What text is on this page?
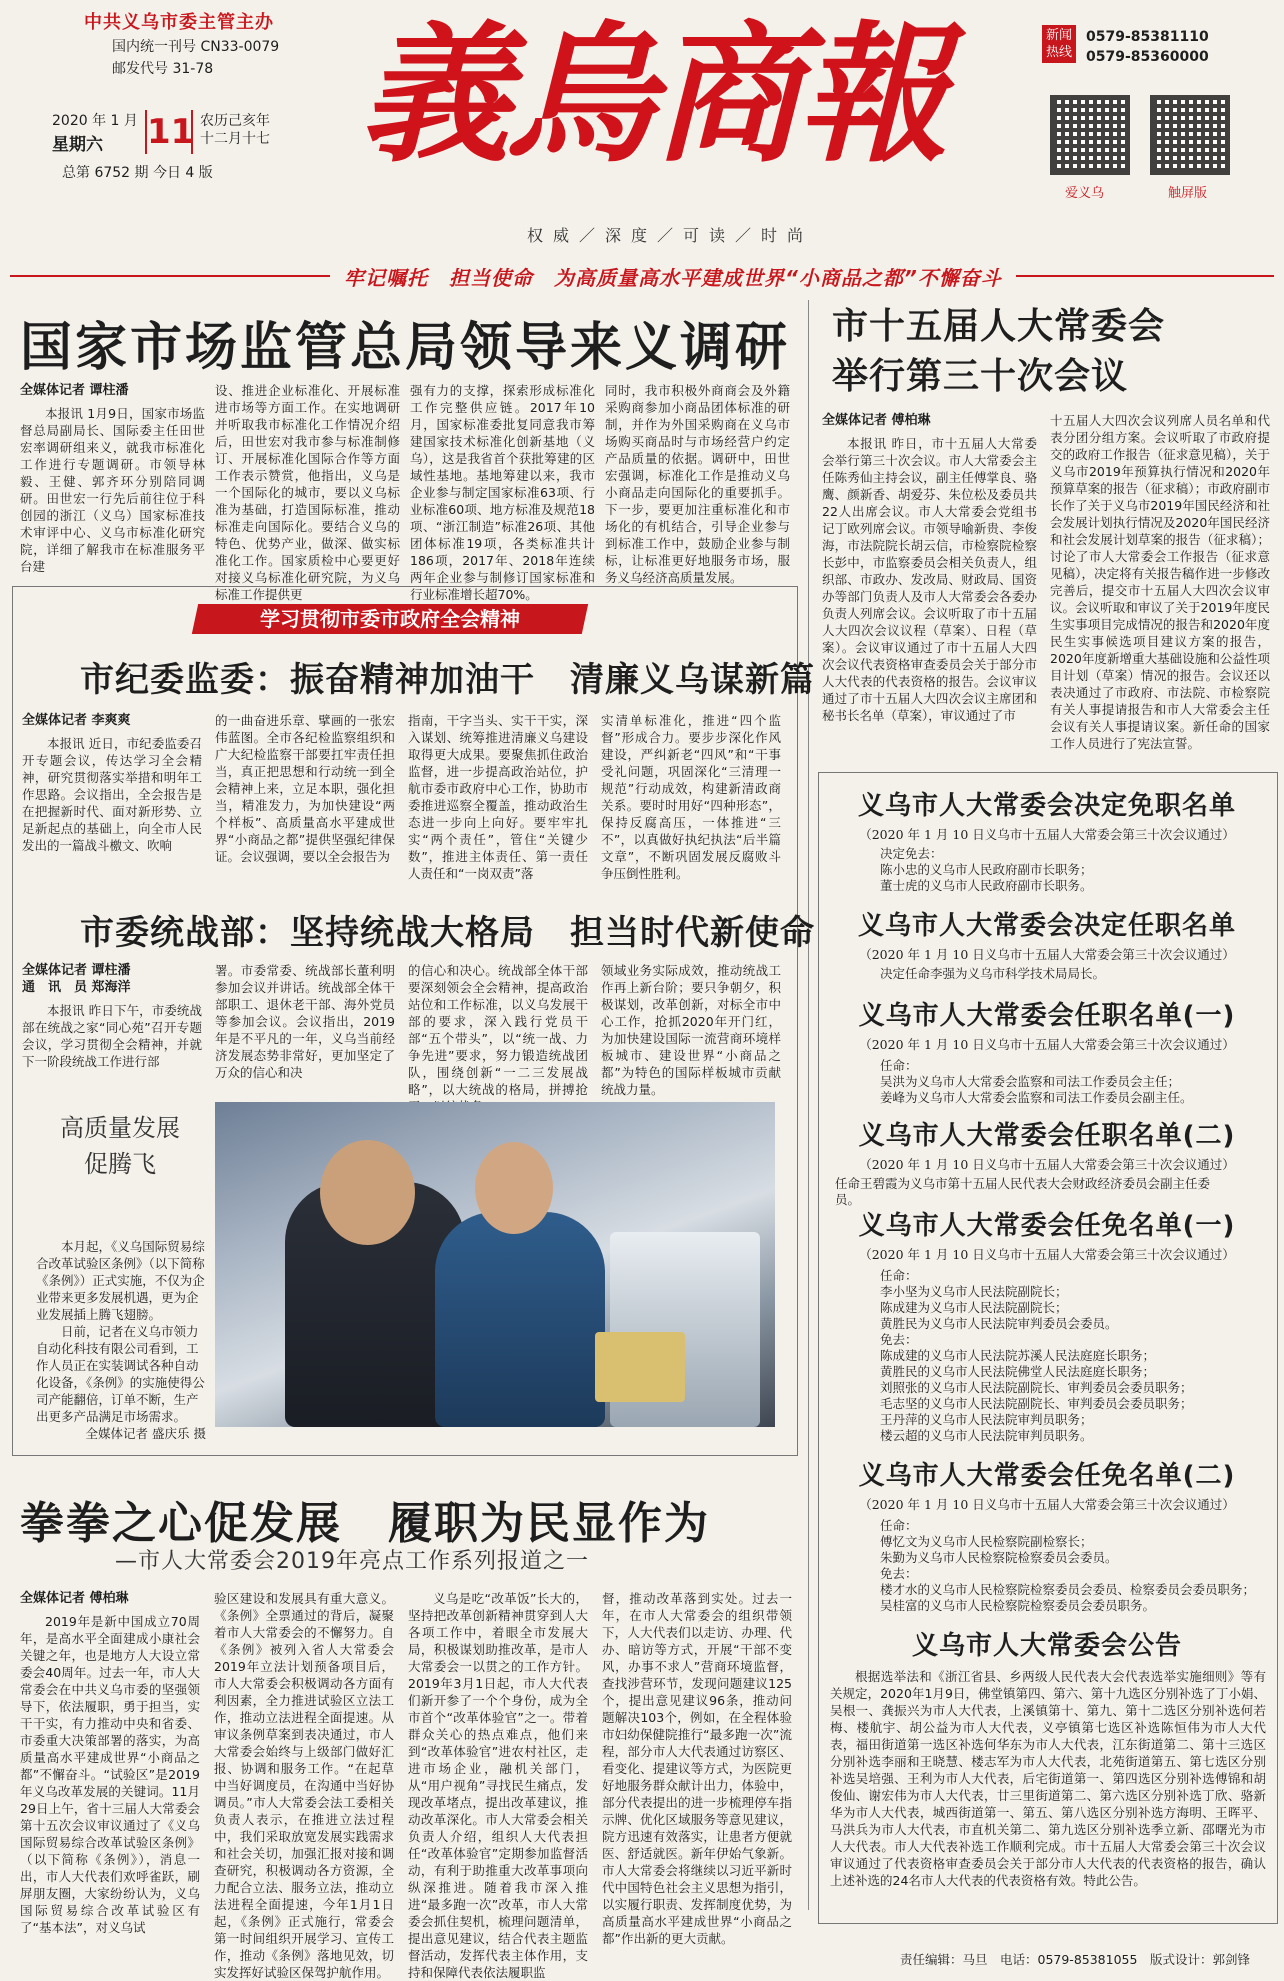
中共义乌市委主管主办
国内统一刊号 CN33-0079
邮发代号 31-78
2020 年 1 月
星期六 11 农历己亥年
十二月十七
总第 6752 期 今日 4 版 義烏商報
权威／深度／可读／时尚
新闻热线
0579-85381110
0579-85360000
爱义乌	触屏版
牢记嘱托　担当使命　为高质量高水平建成世界“小商品之都”不懈奋斗
国家市场监管总局领导来义调研
全媒体记者 谭柱潘

本报讯 1月9日，国家市场监督总局副局长、国际委主任田世宏率调研组来义，就我市标准化工作进行专题调研。市领导林毅、王健、郭齐环分别陪同调研。田世宏一行先后前往位于科创园的浙江（义乌）国家标准技术审评中心、义乌市标准化研究院，详细了解我市在标准服务平台建

设、推进企业标准化、开展标准进市场等方面工作。在实地调研并听取我市标准化工作情况介绍后，田世宏对我市参与标准制修订、开展标准化国际合作等方面工作表示赞赏，他指出，义乌是一个国际化的城市，要以义乌标准为基础，打造国际标准，推动标准走向国际化。要结合义乌的特色、优势产业，做深、做实标准化工作。国家质检中心要更好对接义乌标准化研究院，为义乌标准工作提供更

强有力的支撑，探索形成标准化工作完整供应链。2017年10月，国家标准委批复同意我市筹建国家技术标准化创新基地（义乌），这是我省首个获批筹建的区域性基地。基地筹建以来，我市企业参与制定国家标准63项、行业标准60项、地方标准及规范18项、“浙江制造”标准26项、其他团体标准19项，各类标准共计186项，2017年、2018年连续两年企业参与制修订国家标准和行业标准增长超70%。

同时，我市积极外商商会及外籍采购商参加小商品团体标准的研制，并作为外国采购商在义乌市场购买商品时与市场经营户约定产品质量的依据。调研中，田世宏强调，标准化工作是推动义乌小商品走向国际化的重要抓手。下一步，要更加注重标准化和市场化的有机结合，引导企业参与到标准工作中，鼓励企业参与制标，让标准更好地服务市场，服务义乌经济高质量发展。

学习贯彻市委市政府全会精神
市纪委监委：振奋精神加油干　清廉义乌谋新篇
全媒体记者 李爽爽

本报讯 近日，市纪委监委召开专题会议，传达学习全会精神，研究贯彻落实举措和明年工作思路。会议指出，全会报告是在把握新时代、面对新形势、立足新起点的基础上，向全市人民发出的一篇战斗檄文、吹响

的一曲奋进乐章、擘画的一张宏伟蓝图。全市各纪检监察组织和广大纪检监察干部要扛牢责任担当，真正把思想和行动统一到全会精神上来，立足本职，强化担当，精准发力，为加快建设“两个样板”、高质量高水平建成世界“小商品之都”提供坚强纪律保证。会议强调，要以全会报告为

指南，干字当头、实干干实，深入谋划、统筹推进清廉义乌建设取得更大成果。要聚焦抓住政治监督，进一步提高政治站位，护航市委市政府中心工作，协助市委推进巡察全覆盖，推动政治生态进一步向上向好。要牢牢扎实“两个责任”，管住“关键少数”，推进主体责任、第一责任人责任和“一岗双责”落

实清单标准化，推进“四个监督”形成合力。要步步深化作风建设，严纠新老“四风”和“干事受礼问题，巩固深化“三清理一规范”行动成效，构建新清政商关系。要时时用好“四种形态”，保持反腐高压，一体推进“三不”，以真做好执纪执法“后半篇文章”，不断巩固发展反腐败斗争压倒性胜利。

市委统战部：坚持统战大格局　担当时代新使命
全媒体记者 谭柱潘
通　讯　员 郑海洋

本报讯 昨日下午，市委统战部在统战之家“同心苑”召开专题会议，学习贯彻全会精神，并就下一阶段统战工作进行部

署。市委常委、统战部长董利明参加会议并讲话。统战部全体干部职工、退休老干部、海外党员等参加会议。会议指出，2019年是不平凡的一年，义乌当前经济发展态势非常好，更加坚定了万众的信心和决

的信心和决心。统战部全体干部要深刻领会全会精神，提高政治站位和工作标准，以义乌发展干部的要求，深入践行党员干部“五个带头”，以“统一战、力争先进”要求，努力锻造统战团队，围绕创新“一二三发展战略”，以大统战的格局，拼搏抢

领域业务实际成效，推动统战工作再上新台阶；要只争朝夕，积极谋划，改革创新，对标全市中心工作，抢抓2020年开门红，为加快建设国际一流营商环境样板城市、建设世界“小商品之都”为特色的国际样板城市贡献统战力量。

高质量发展促腾飞

本月起，《义乌国际贸易综合改革试验区条例》（以下简称《条例》）正式实施，不仅为企业带来更多发展机遇，更为企业发展插上腾飞翅膀。

日前，记者在义乌市领力自动化科技有限公司看到，工作人员正在实装调试各种自动化设备，《条例》的实施使得公司产能翻倍，订单不断，生产出更多产品满足市场需求。

全媒体记者 盛庆乐 摄

拳拳之心促发展　履职为民显作为
—市人大常委会2019年亮点工作系列报道之一
全媒体记者 傅柏琳

2019年是新中国成立70周年，是高水平全面建成小康社会关键之年，也是地方人大设立常委会40周年。过去一年，市人大常委会在中共义乌市委的坚强领导下，依法履职，勇于担当，实干干实，有力推动中央和省委、市委重大决策部署的落实，为高质量高水平建成世界“小商品之都”不懈奋斗。“试验区”是2019年义乌改革发展的关键词。11月29日上午，省十三届人大常委会第十五次会议审议通过了《义乌国际贸易综合改革试验区条例》（以下简称《条例》），消息一出，市人大代表们欢呼雀跃，刷屏朋友圈，大家纷纷认为，义乌国际贸易综合改革试验区有了“基本法”，对义乌试

验区建设和发展具有重大意义。《条例》全票通过的背后，凝聚着市人大常委会的不懈努力。自《条例》被列入省人大常委会2019年立法计划预备项目后，市人大常委会积极调动各方面有利因素，全力推进试验区立法工作，推动立法进程全面提速。从审议条例草案到表决通过，市人大常委会始终与上级部门做好汇报、协调和服务工作。“在起草中当好调度员，在沟通中当好协调员。”市人大常委会法工委相关负责人表示，在推进立法过程中，我们采取放宽发展实践需求和社会关切，加强汇报对接和调查研究，积极调动各方资源，全力配合立法、服务立法，推动立法进程全面提速，今年1月1日起，《条例》正式施行，常委会第一时间组织开展学习、宣传工作，推动《条例》落地见效，切实发挥好试验区保驾护航作用。

义乌是吃“改革饭”长大的，坚持把改革创新精神贯穿到人大各项工作中，着眼全市发展大局，积极谋划助推改革，是市人大常委会一以贯之的工作方针。2019年3月1日起，市人大代表们新开参了一个个身份，成为全市首个“改革体验官”之一。带着群众关心的热点难点，他们来到“改革体验官”进农村社区，走进市场企业，融机关部门，从“用户视角”寻找民生痛点，发现改革堵点，提出改革建议，推动改革深化。市人大常委会相关负责人介绍，组织人大代表担任“改革体验官”定期参加监督活动，有利于助推重大改革事项向纵深推进。随着我市深入推进“最多跑一次”改革，市人大常委会抓住契机，梳理问题清单，提出意见建议，结合代表主题监督活动，发挥代表主体作用，支持和保障代表依法履职监

督，推动改革落到实处。过去一年，在市人大常委会的组织带领下，人大代表们以走访、办理、代办、暗访等方式，开展“干部不变风，办事不求人”营商环境监督，查找涉营环节，发现问题建议125个，提出意见建议96条，推动问题解决103个，例如，在全程体验市妇幼保健院推行“最多跑一次”流程，部分市人大代表通过访察区、看变化、提建议等方式，为医院更好地服务群众献计出力，体验中，部分代表提出的进一步梳理停车指示牌、优化区域服务等意见建议，院方迅速有效落实，让患者方便就医、舒适就医。新年伊始气象新。市人大常委会将继续以习近平新时代中国特色社会主义思想为指引，以实履行职责、发挥制度优势，为高质量高水平建成世界“小商品之都”作出新的更大贡献。

市十五届人大常委会
举行第三十次会议
全媒体记者 傅柏琳

本报讯 昨日，市十五届人大常委会举行第三十次会议。市人大常委会主任陈秀仙主持会议，副主任傅掌良、骆鹰、颜新香、胡爱芬、朱位松及委员共22人出席会议。市人大常委会党组书记丁欧列席会议。市领导喻新贵、李俊海，市法院院长胡云信，市检察院检察长彭中，市监察委员会相关负责人，组织部、市政办、发改局、财政局、国资办等部门负责人及市人大常委会各委办负责人列席会议。会议听取了市十五届人大四次会议议程（草案）、日程（草案）。会议审议通过了市十五届人大四次会议代表资格审查委员会关于部分市人大代表的代表资格的报告。会议审议通过了市十五届人大四次会议主席团和秘书长名单（草案），审议通过了市

十五届人大四次会议列席人员名单和代表分团分组方案。会议听取了市政府提交的政府工作报告（征求意见稿），关于义乌市2019年预算执行情况和2020年预算草案的报告（征求稿）；市政府副市长作了关于义乌市2019年国民经济和社会发展计划执行情况及2020年国民经济和社会发展计划草案的报告（征求稿）；讨论了市人大常委会工作报告（征求意见稿），决定将有关报告稿作进一步修改完善后，提交市十五届人大四次会议审议。会议听取和审议了关于2019年度民生实事项目完成情况的报告和2020年度民生实事候选项目建议方案的报告，2020年度新增重大基础设施和公益性项目计划（草案）情况的报告。会议还以表决通过了市政府、市法院、市检察院有关人事提请报告和市人大常委会主任会议有关人事提请议案。新任命的国家工作人员进行了宪法宣誓。

义乌市人大常委会决定免职名单
（2020 年 1 月 10 日义乌市十五届人大常委会第三十次会议通过）
决定免去：
陈小忠的义乌市人民政府副市长职务；
董士虎的义乌市人民政府副市长职务。
义乌市人大常委会决定任职名单
（2020 年 1 月 10 日义乌市十五届人大常委会第三十次会议通过）
决定任命李强为义乌市科学技术局局长。
义乌市人大常委会任职名单(一)
（2020 年 1 月 10 日义乌市十五届人大常委会第三十次会议通过）
任命：
吴洪为义乌市人大常委会监察和司法工作委员会主任；
姜峰为义乌市人大常委会监察和司法工作委员会副主任。
义乌市人大常委会任职名单(二)
（2020 年 1 月 10 日义乌市十五届人大常委会第三十次会议通过）
任命王碧霞为义乌市第十五届人民代表大会财政经济委员会副主任委员。
义乌市人大常委会任免名单(一)
（2020 年 1 月 10 日义乌市十五届人大常委会第三十次会议通过）
任命：
李小坚为义乌市人民法院副院长；
陈成建为义乌市人民法院副院长；
黄胜民为义乌市人民法院审判委员会委员。
免去：
陈成建的义乌市人民法院苏溪人民法庭庭长职务；
黄胜民的义乌市人民法院佛堂人民法庭庭长职务；
刘照张的义乌市人民法院副院长、审判委员会委员职务；
毛志坚的义乌市人民法院副院长、审判委员会委员职务；
王丹萍的义乌市人民法院审判员职务；
楼云超的义乌市人民法院审判员职务。
义乌市人大常委会任免名单(二)
（2020 年 1 月 10 日义乌市十五届人大常委会第三十次会议通过）
任命：
傅忆文为义乌市人民检察院副检察长；
朱勤为义乌市人民检察院检察委员会委员。
免去：
楼才水的义乌市人民检察院检察委员会委员、检察委员会委员职务；
吴桂富的义乌市人民检察院检察委员会委员职务。
义乌市人大常委会公告

根据选举法和《浙江省县、乡两级人民代表大会代表选举实施细则》等有关规定，2020年1月9日，佛堂镇第四、第六、第十九选区分别补选了丁小娟、吴根一、龚振兴为市人大代表，上溪镇第十、第九、第十二选区分别补选何若梅、楼航宇、胡公益为市人大代表，义亭镇第七选区补选陈恒伟为市人大代表，福田街道第一选区补选何华东为市人大代表，江东街道第二、第十三选区分别补选李丽和王晓慧、楼志军为市人大代表，北苑街道第五、第七选区分别补选吴培强、王利为市人大代表，后宅街道第一、第四选区分别补选傅锦和胡俊仙、谢宏伟为市人大代表，廿三里街道第二、第六选区分别补选丁欣、骆新华为市人大代表，城西街道第一、第五、第八选区分别补选方海明、王晖平、马洪兵为市人大代表，市直机关第二、第九选区分别补选季立新、邵曙光为市人大代表。市人大代表补选工作顺利完成。市十五届人大常委会第三十次会议审议通过了代表资格审查委员会关于部分市人大代表的代表资格的报告，确认上述补选的24名市人大代表的代表资格有效。特此公告。

责任编辑：马旦　电话：0579-85381055　版式设计：郭剑锋
